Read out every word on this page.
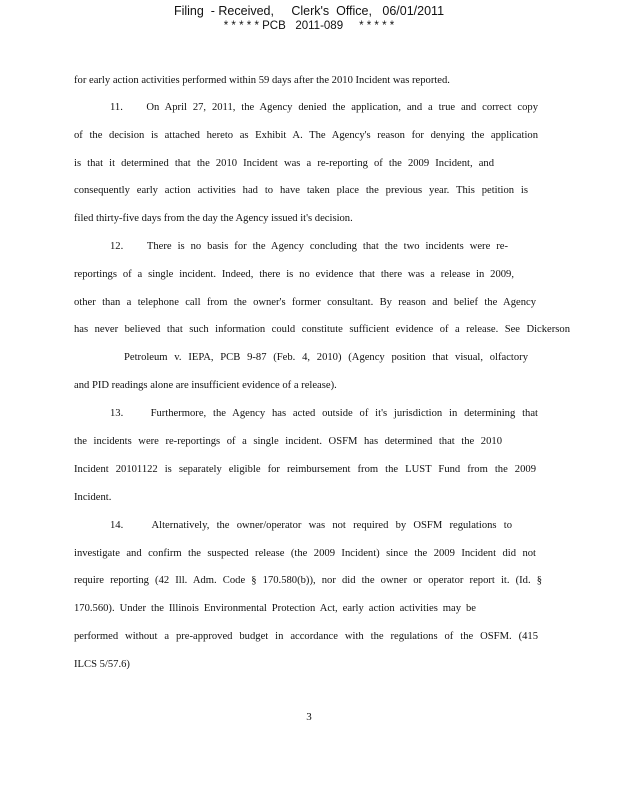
Filing  - Received,     Clerk's  Office,   06/01/2011
* * * * * PCB   2011-089     * * * * *
for early action activities performed within 59 days after the 2010 Incident was reported.
11.    On April 27, 2011, the Agency denied the application, and a true and correct copy
of the decision is attached hereto as Exhibit A. The Agency's reason for denying the application
is that it determined that the 2010 Incident was a re-reporting of the 2009 Incident, and
consequently early action activities had to have taken place the previous year. This petition is
filed thirty-five days from the day the Agency issued it's decision.
12.    There is no basis for the Agency concluding that the two incidents were re-
reportings of a single incident. Indeed, there is no evidence that there was a release in 2009,
other than a telephone call from the owner's former consultant. By reason and belief the Agency
has never believed that such information could constitute sufficient evidence of a release. See Dickerson
Petroleum v. IEPA, PCB 9-87 (Feb. 4, 2010) (Agency position that visual, olfactory
and PID readings alone are insufficient evidence of a release).
13.    Furthermore, the Agency has acted outside of it's jurisdiction in determining that
the incidents were re-reportings of a single incident. OSFM has determined that the 2010
Incident 20101122 is separately eligible for reimbursement from the LUST Fund from the 2009
Incident.
14.    Alternatively, the owner/operator was not required by OSFM regulations to
investigate and confirm the suspected release (the 2009 Incident) since the 2009 Incident did not
require reporting (42 Ill. Adm. Code § 170.580(b)), nor did the owner or operator report it. (Id. §
170.560). Under the Illinois Environmental Protection Act, early action activities may be
performed without a pre-approved budget in accordance with the regulations of the OSFM. (415
ILCS 5/57.6)
3
